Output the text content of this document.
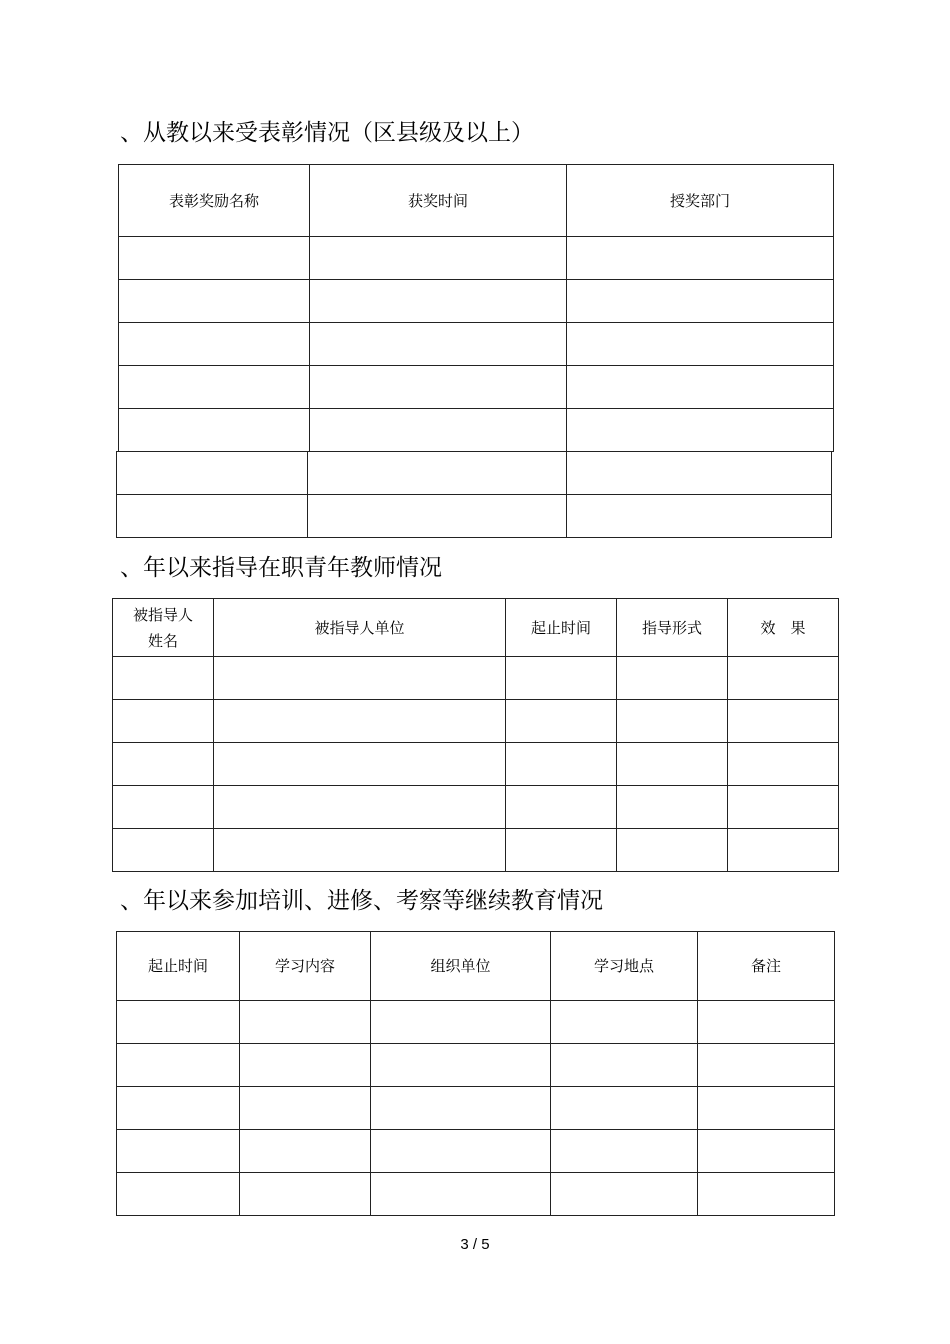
、从教以来受表彰情况（区县级及以上）
表彰奖励名称	获奖时间	授奖部门

、年以来指导在职青年教师情况
被指导人
姓名	被指导人单位	起止时间	指导形式	效　果

、年以来参加培训、进修、考察等继续教育情况
起止时间	学习内容	组织单位	学习地点	备注

3 / 5
